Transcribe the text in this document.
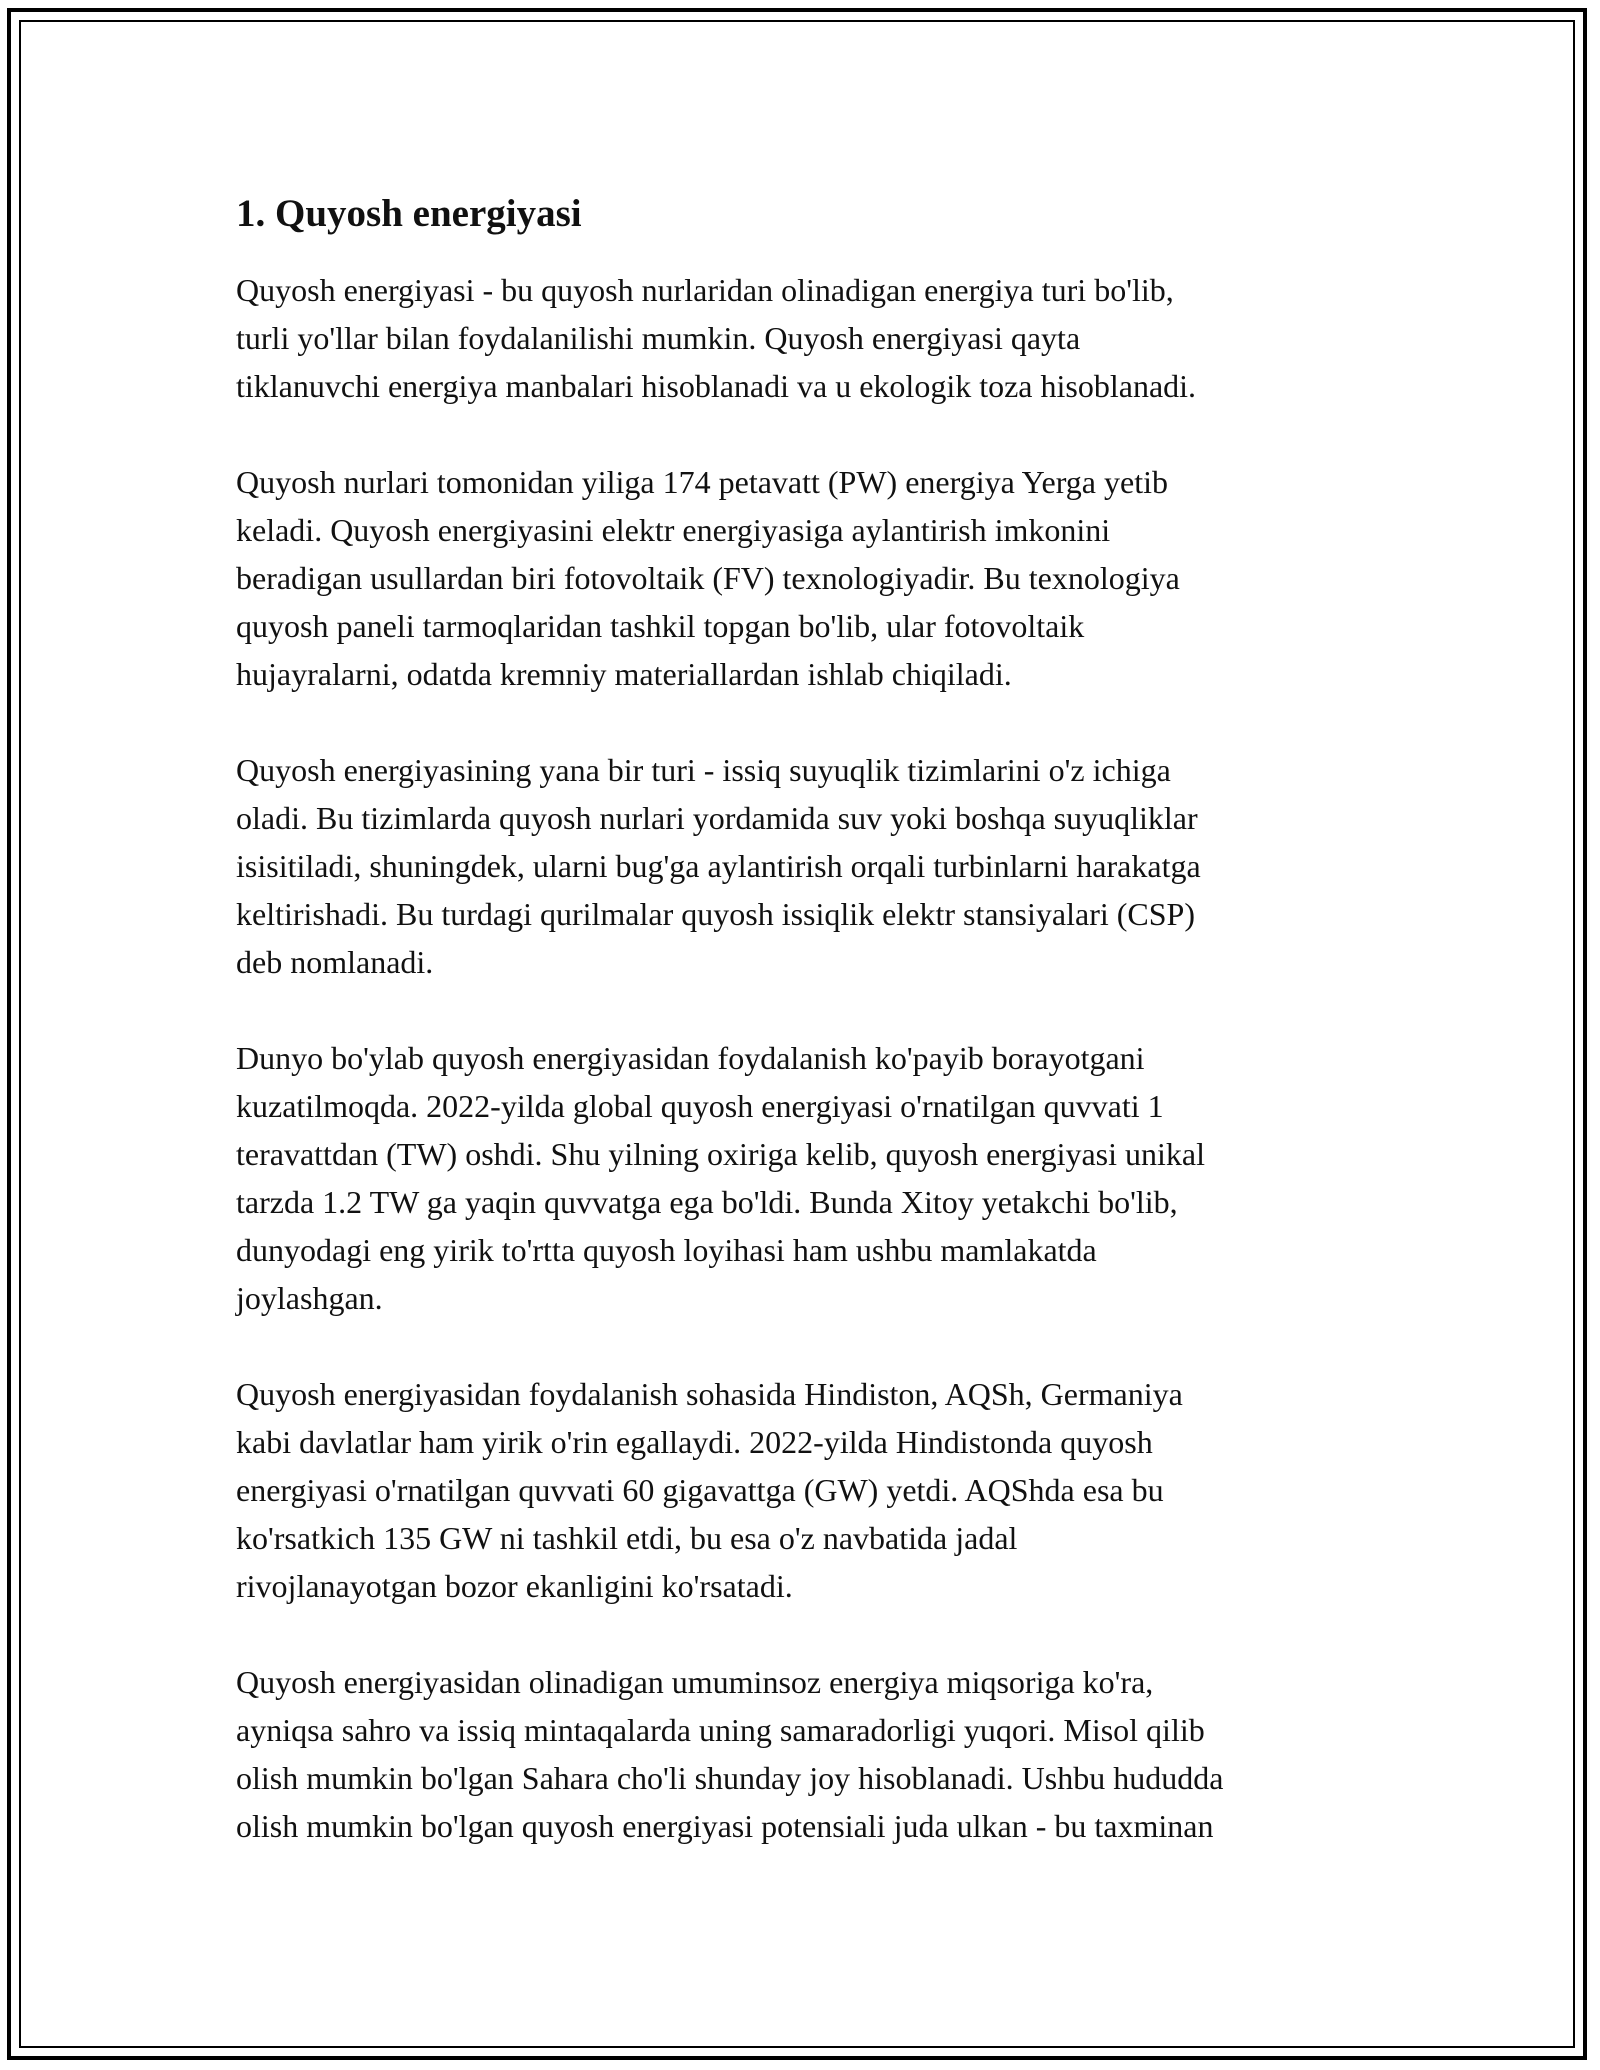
1. Quyosh energiyasi

Quyosh energiyasi - bu quyosh nurlaridan olinadigan energiya turi bo'lib,
turli yo'llar bilan foydalanilishi mumkin. Quyosh energiyasi qayta
tiklanuvchi energiya manbalari hisoblanadi va u ekologik toza hisoblanadi.

Quyosh nurlari tomonidan yiliga 174 petavatt (PW) energiya Yerga yetib
keladi. Quyosh energiyasini elektr energiyasiga aylantirish imkonini
beradigan usullardan biri fotovoltaik (FV) texnologiyadir. Bu texnologiya
quyosh paneli tarmoqlaridan tashkil topgan bo'lib, ular fotovoltaik
hujayralarni, odatda kremniy materiallardan ishlab chiqiladi.

Quyosh energiyasining yana bir turi - issiq suyuqlik tizimlarini o'z ichiga
oladi. Bu tizimlarda quyosh nurlari yordamida suv yoki boshqa suyuqliklar
isisitiladi, shuningdek, ularni bug'ga aylantirish orqali turbinlarni harakatga
keltirishadi. Bu turdagi qurilmalar quyosh issiqlik elektr stansiyalari (CSP)
deb nomlanadi.

Dunyo bo'ylab quyosh energiyasidan foydalanish ko'payib borayotgani
kuzatilmoqda. 2022-yilda global quyosh energiyasi o'rnatilgan quvvati 1
teravattdan (TW) oshdi. Shu yilning oxiriga kelib, quyosh energiyasi unikal
tarzda 1.2 TW ga yaqin quvvatga ega bo'ldi. Bunda Xitoy yetakchi bo'lib,
dunyodagi eng yirik to'rtta quyosh loyihasi ham ushbu mamlakatda
joylashgan.

Quyosh energiyasidan foydalanish sohasida Hindiston, AQSh, Germaniya
kabi davlatlar ham yirik o'rin egallaydi. 2022-yilda Hindistonda quyosh
energiyasi o'rnatilgan quvvati 60 gigavattga (GW) yetdi. AQShda esa bu
ko'rsatkich 135 GW ni tashkil etdi, bu esa o'z navbatida jadal
rivojlanayotgan bozor ekanligini ko'rsatadi.

Quyosh energiyasidan olinadigan umuminsoz energiya miqsoriga ko'ra,
ayniqsa sahro va issiq mintaqalarda uning samaradorligi yuqori. Misol qilib
olish mumkin bo'lgan Sahara cho'li shunday joy hisoblanadi. Ushbu hududda
olish mumkin bo'lgan quyosh energiyasi potensiali juda ulkan - bu taxminan
